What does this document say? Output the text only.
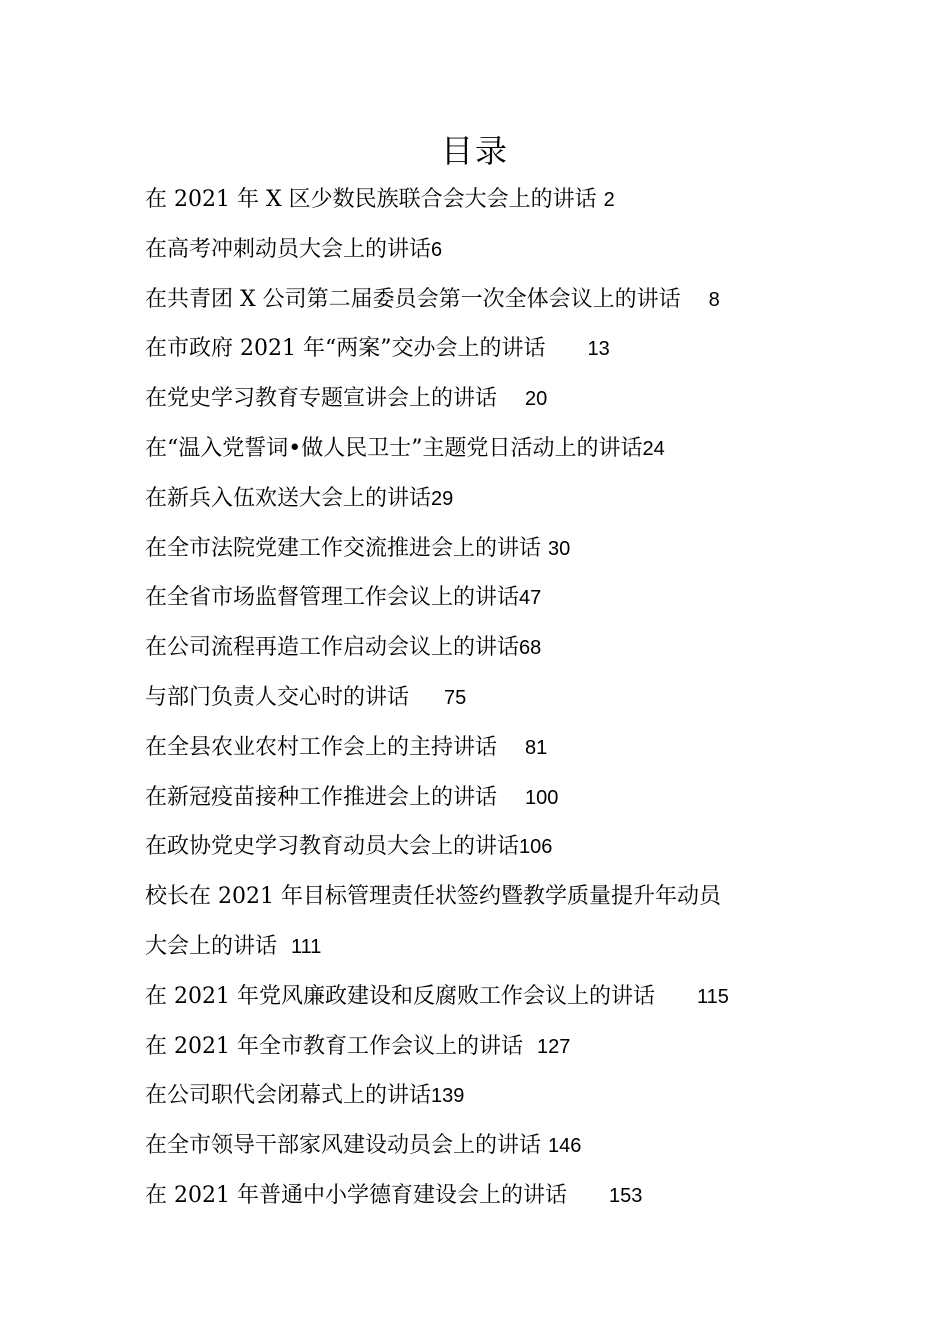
目录
在 2021 年 X 区少数民族联合会大会上的讲话 2
在高考冲刺动员大会上的讲话6
在共青团 X 公司第二届委员会第一次全体会议上的讲话 8
在市政府 2021 年“两案”交办会上的讲话 13
在党史学习教育专题宣讲会上的讲话 20
在“温入党誓词•做人民卫士”主题党日活动上的讲话24
在新兵入伍欢送大会上的讲话29
在全市法院党建工作交流推进会上的讲话 30
在全省市场监督管理工作会议上的讲话47
在公司流程再造工作启动会议上的讲话68
与部门负责人交心时的讲话 75
在全县农业农村工作会上的主持讲话 81
在新冠疫苗接种工作推进会上的讲话 100
在政协党史学习教育动员大会上的讲话106
校长在 2021 年目标管理责任状签约暨教学质量提升年动员
大会上的讲话 111
在 2021 年党风廉政建设和反腐败工作会议上的讲话 115
在 2021 年全市教育工作会议上的讲话 127
在公司职代会闭幕式上的讲话139
在全市领导干部家风建设动员会上的讲话 146
在 2021 年普通中小学德育建设会上的讲话 153
